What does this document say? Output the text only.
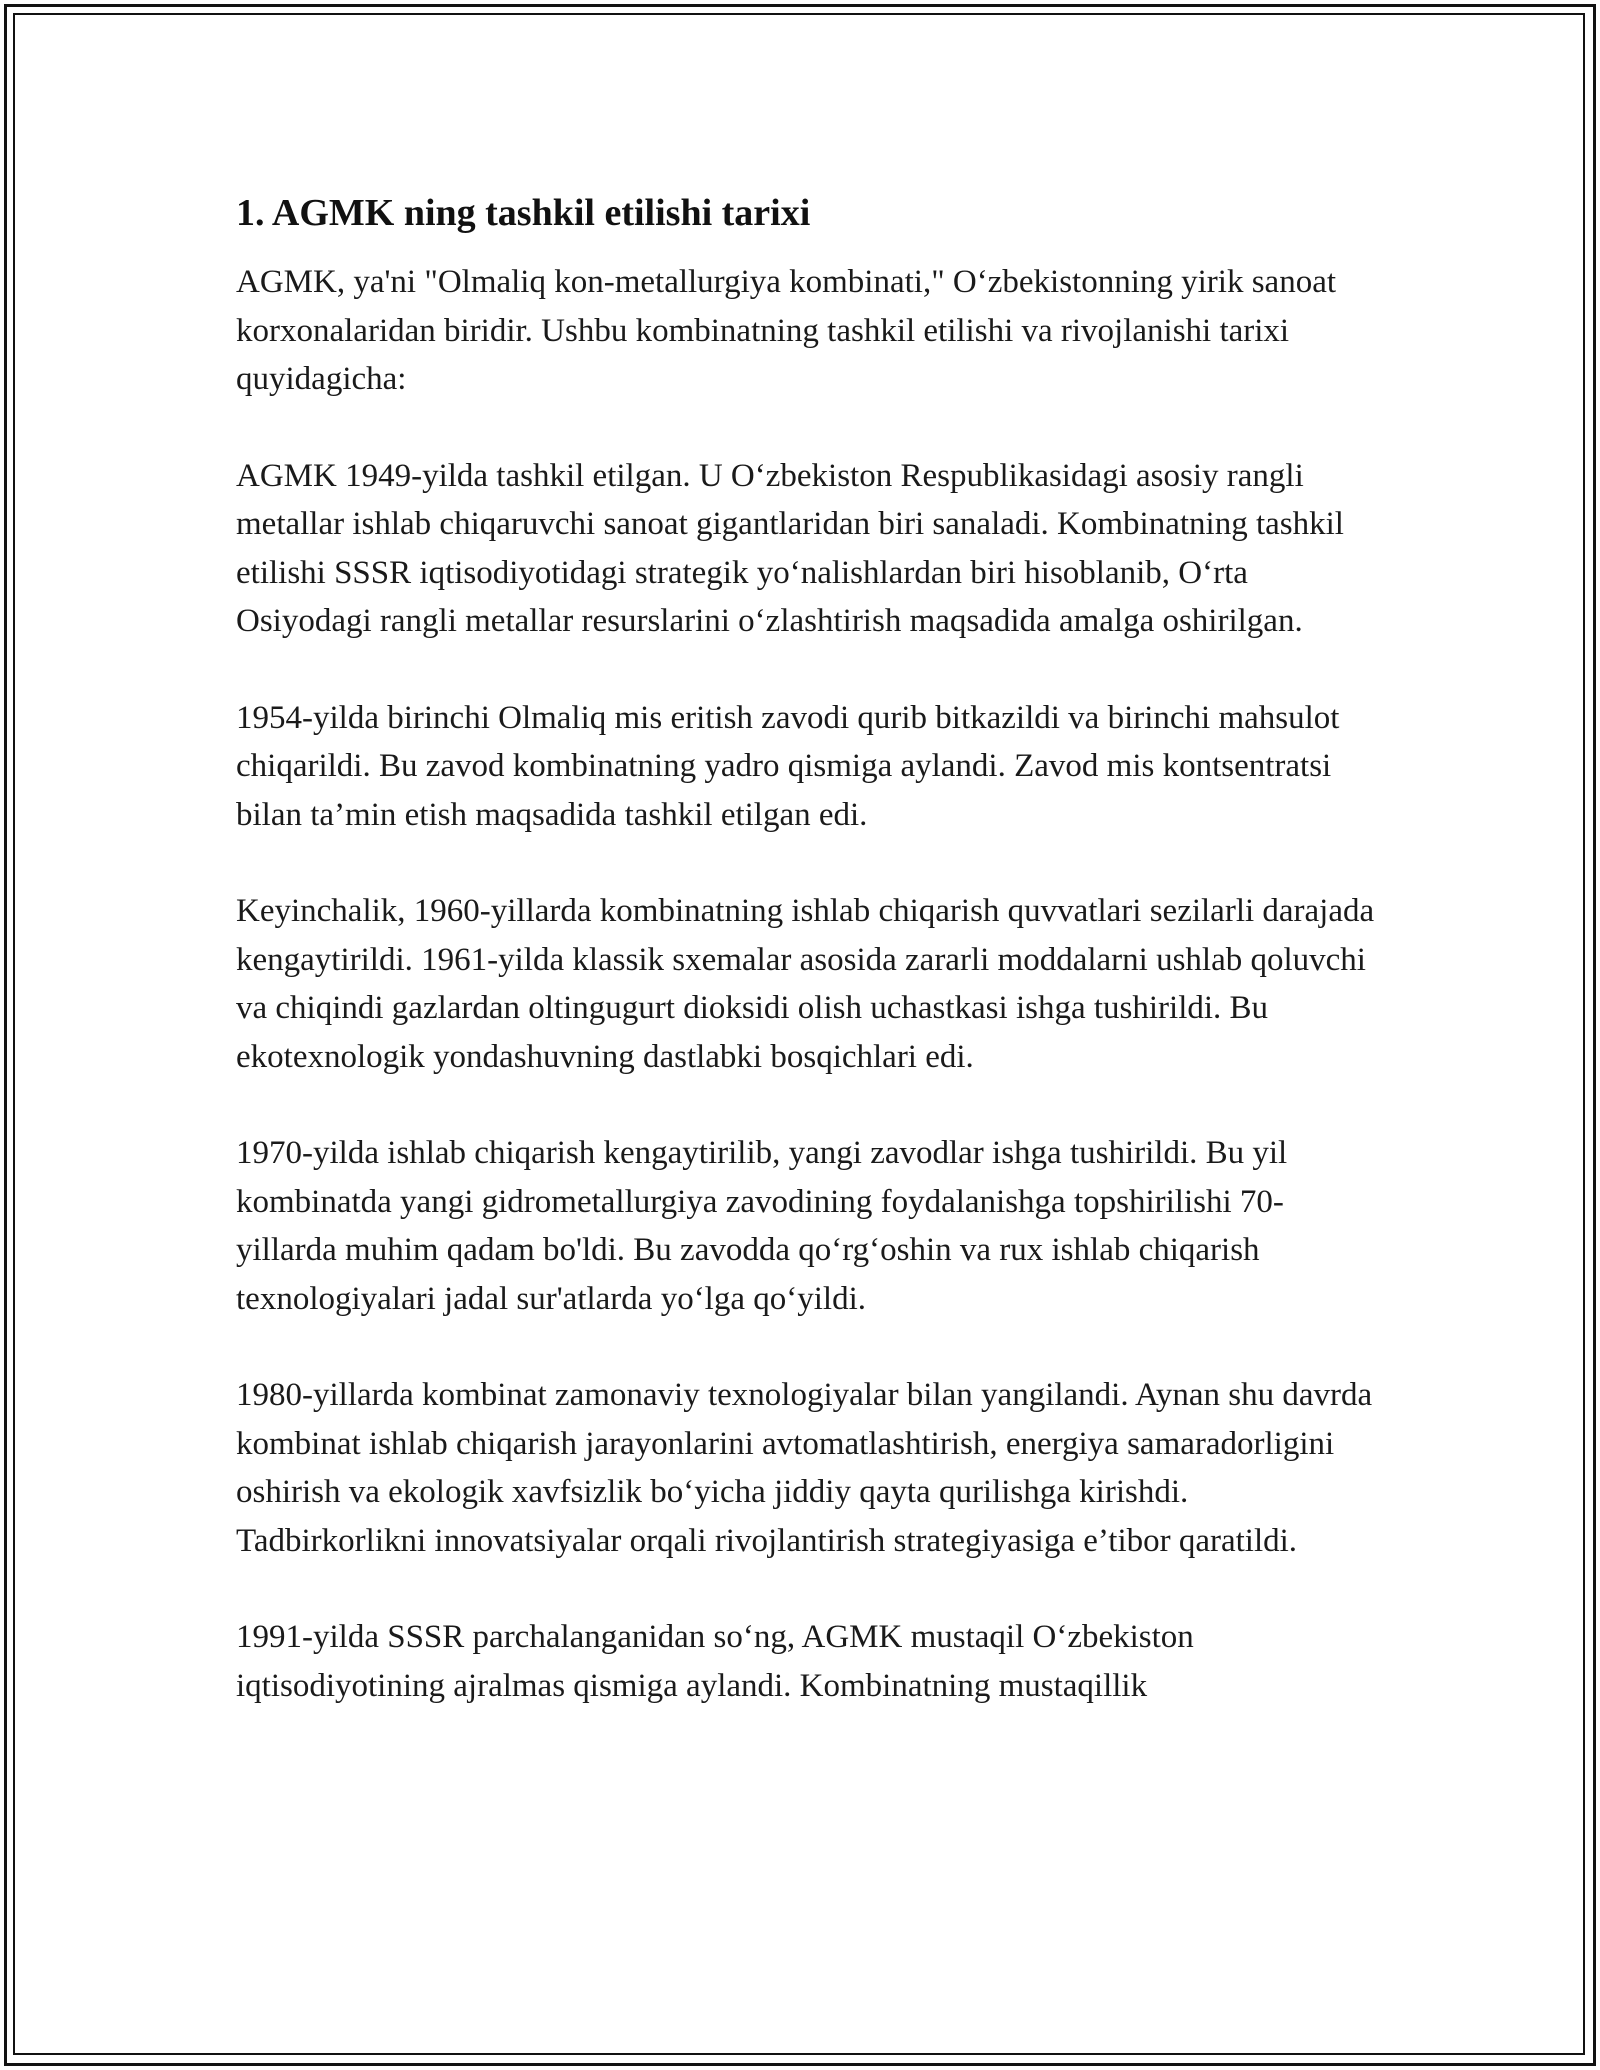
1. AGMK ning tashkil etilishi tarixi

AGMK, ya'ni "Olmaliq kon-metallurgiya kombinati," O‘zbekistonning yirik sanoat korxonalaridan biridir. Ushbu kombinatning tashkil etilishi va rivojlanishi tarixi quyidagicha:

AGMK 1949-yilda tashkil etilgan. U O‘zbekiston Respublikasidagi asosiy rangli metallar ishlab chiqaruvchi sanoat gigantlaridan biri sanaladi. Kombinatning tashkil etilishi SSSR iqtisodiyotidagi strategik yo‘nalishlardan biri hisoblanib, O‘rta Osiyodagi rangli metallar resurslarini o‘zlashtirish maqsadida amalga oshirilgan.

1954-yilda birinchi Olmaliq mis eritish zavodi qurib bitkazildi va birinchi mahsulot chiqarildi. Bu zavod kombinatning yadro qismiga aylandi. Zavod mis kontsentratsi bilan ta’min etish maqsadida tashkil etilgan edi.

Keyinchalik, 1960-yillarda kombinatning ishlab chiqarish quvvatlari sezilarli darajada kengaytirildi. 1961-yilda klassik sxemalar asosida zararli moddalarni ushlab qoluvchi va chiqindi gazlardan oltingugurt dioksidi olish uchastkasi ishga tushirildi. Bu ekotexnologik yondashuvning dastlabki bosqichlari edi.

1970-yilda ishlab chiqarish kengaytirilib, yangi zavodlar ishga tushirildi. Bu yil kombinatda yangi gidrometallurgiya zavodining foydalanishga topshirilishi 70-yillarda muhim qadam bo'ldi. Bu zavodda qo‘rg‘oshin va rux ishlab chiqarish texnologiyalari jadal sur'atlarda yo‘lga qo‘yildi.

1980-yillarda kombinat zamonaviy texnologiyalar bilan yangilandi. Aynan shu davrda kombinat ishlab chiqarish jarayonlarini avtomatlashtirish, energiya samaradorligini oshirish va ekologik xavfsizlik bo‘yicha jiddiy qayta qurilishga kirishdi. Tadbirkorlikni innovatsiyalar orqali rivojlantirish strategiyasiga e’tibor qaratildi.

1991-yilda SSSR parchalanganidan so‘ng, AGMK mustaqil O‘zbekiston iqtisodiyotining ajralmas qismiga aylandi. Kombinatning mustaqillik
